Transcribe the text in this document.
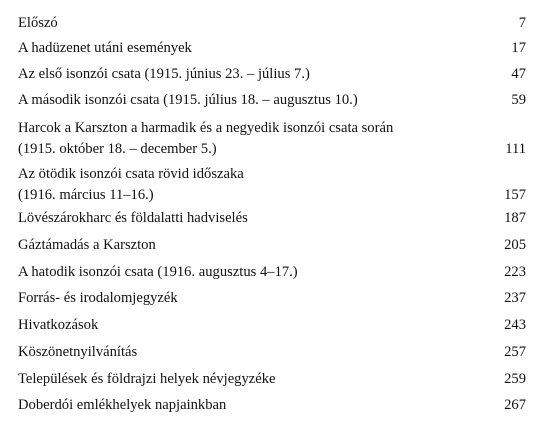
Előszó	7
A hadüzenet utáni események	17
Az első isonzói csata (1915. június 23. – július 7.)	47
A második isonzói csata (1915. július 18. – augusztus 10.)	59
Harcok a Karszton a harmadik és a negyedik isonzói csata során
(1915. október 18. – december 5.)	111
Az ötödik isonzói csata rövid időszaka
(1916. március 11–16.)	157
Lövészárokharc és földalatti hadviselés	187
Gáztámadás a Karszton	205
A hatodik isonzói csata (1916. augusztus 4–17.)	223
Forrás- és irodalomjegyzék	237
Hivatkozások	243
Köszönetnyilvánítás	257
Települések és földrajzi helyek névjegyzéke	259
Doberdói emlékhelyek napjainkban	267
